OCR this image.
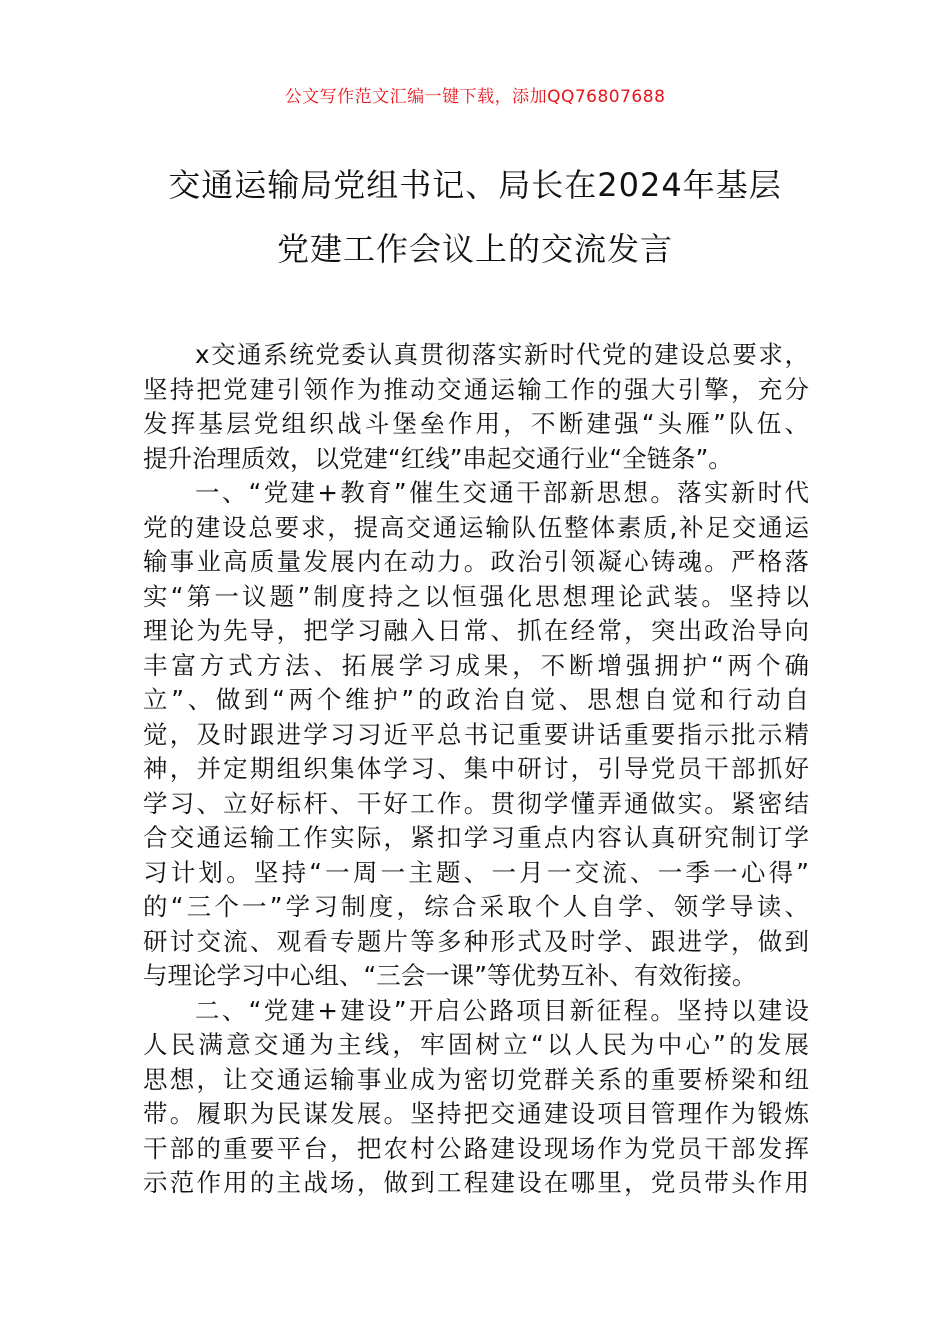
公文写作范文汇编一键下载，添加QQ76807688
交通运输局党组书记、局长在2024年基层
党建工作会议上的交流发言
x交通系统党委认真贯彻落实新时代党的建设总要求，
坚持把党建引领作为推动交通运输工作的强大引擎，充分
发挥基层党组织战斗堡垒作用，不断建强“头雁”队伍、
提升治理质效，以党建“红线”串起交通行业“全链条”。
一、“党建+教育”催生交通干部新思想。落实新时代
党的建设总要求，提高交通运输队伍整体素质,补足交通运
输事业高质量发展内在动力。政治引领凝心铸魂。严格落
实“第一议题”制度持之以恒强化思想理论武装。坚持以
理论为先导，把学习融入日常、抓在经常，突出政治导向
丰富方式方法、拓展学习成果，不断增强拥护“两个确
立”、做到“两个维护”的政治自觉、思想自觉和行动自
觉，及时跟进学习习近平总书记重要讲话重要指示批示精
神，并定期组织集体学习、集中研讨，引导党员干部抓好
学习、立好标杆、干好工作。贯彻学懂弄通做实。紧密结
合交通运输工作实际，紧扣学习重点内容认真研究制订学
习计划。坚持“一周一主题、一月一交流、一季一心得”
的“三个一”学习制度，综合采取个人自学、领学导读、
研讨交流、观看专题片等多种形式及时学、跟进学，做到
与理论学习中心组、“三会一课”等优势互补、有效衔接。
二、“党建+建设”开启公路项目新征程。坚持以建设
人民满意交通为主线，牢固树立“以人民为中心”的发展
思想，让交通运输事业成为密切党群关系的重要桥梁和纽
带。履职为民谋发展。坚持把交通建设项目管理作为锻炼
干部的重要平台，把农村公路建设现场作为党员干部发挥
示范作用的主战场，做到工程建设在哪里，党员带头作用
